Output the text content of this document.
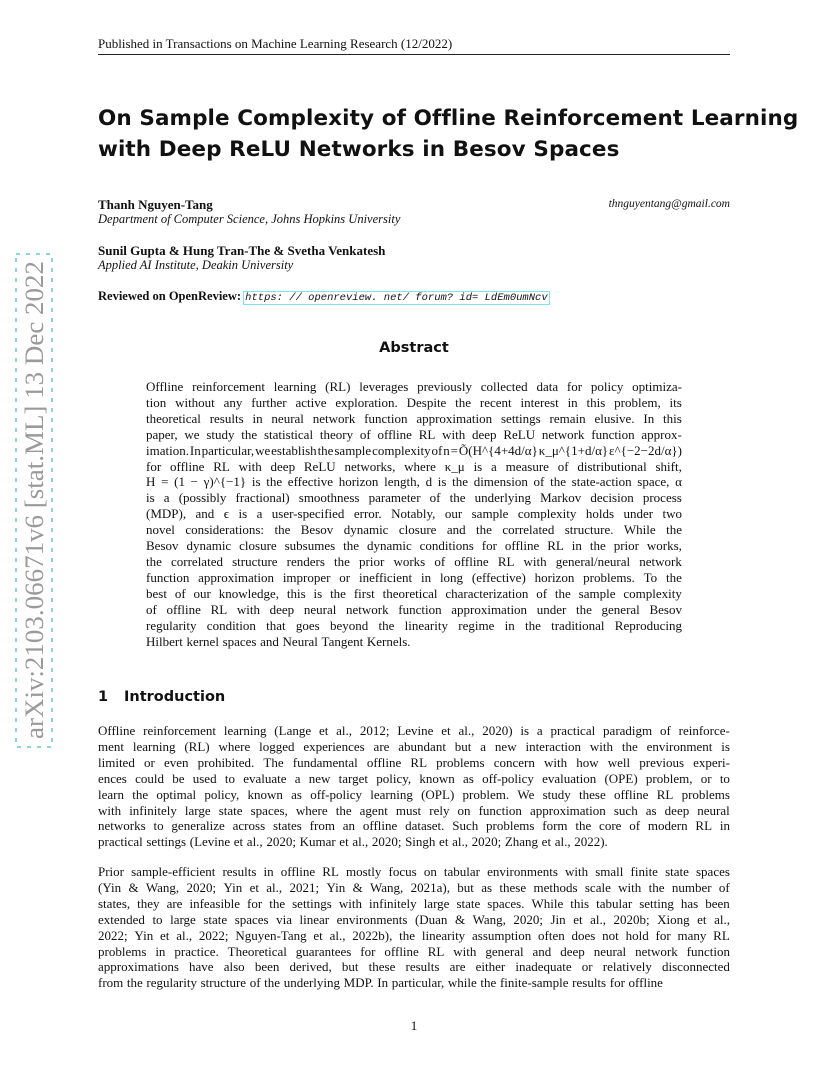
Published in Transactions on Machine Learning Research (12/2022)
arXiv:2103.06671v6 [stat.ML] 13 Dec 2022
On Sample Complexity of Offline Reinforcement Learning
with Deep ReLU Networks in Besov Spaces
Thanh Nguyen-Tang	thnguyentang@gmail.com
Department of Computer Science, Johns Hopkins University
Sunil Gupta & Hung Tran-The & Svetha Venkatesh
Applied AI Institute, Deakin University
Reviewed on OpenReview: https: // openreview. net/ forum? id= LdEm0umNcv
Abstract
Offline reinforcement learning (RL) leverages previously collected data for policy optimiza-
tion without any further active exploration. Despite the recent interest in this problem, its
theoretical results in neural network function approximation settings remain elusive. In this
paper, we study the statistical theory of offline RL with deep ReLU network function approx-
imation. In particular, we establish the sample complexity of n = Õ(H^{4+4d/α} κ_μ^{1+d/α} ε^{−2−2d/α})
for offline RL with deep ReLU networks, where κ_μ is a measure of distributional shift,
H = (1 − γ)^{−1} is the effective horizon length, d is the dimension of the state-action space, α
is a (possibly fractional) smoothness parameter of the underlying Markov decision process
(MDP), and ϵ is a user-specified error. Notably, our sample complexity holds under two
novel considerations: the Besov dynamic closure and the correlated structure. While the
Besov dynamic closure subsumes the dynamic conditions for offline RL in the prior works,
the correlated structure renders the prior works of offline RL with general/neural network
function approximation improper or inefficient in long (effective) horizon problems. To the
best of our knowledge, this is the first theoretical characterization of the sample complexity
of offline RL with deep neural network function approximation under the general Besov
regularity condition that goes beyond the linearity regime in the traditional Reproducing
Hilbert kernel spaces and Neural Tangent Kernels.
1 Introduction
Offline reinforcement learning (Lange et al., 2012; Levine et al., 2020) is a practical paradigm of reinforce-
ment learning (RL) where logged experiences are abundant but a new interaction with the environment is
limited or even prohibited. The fundamental offline RL problems concern with how well previous experi-
ences could be used to evaluate a new target policy, known as off-policy evaluation (OPE) problem, or to
learn the optimal policy, known as off-policy learning (OPL) problem. We study these offline RL problems
with infinitely large state spaces, where the agent must rely on function approximation such as deep neural
networks to generalize across states from an offline dataset. Such problems form the core of modern RL in
practical settings (Levine et al., 2020; Kumar et al., 2020; Singh et al., 2020; Zhang et al., 2022).
Prior sample-efficient results in offline RL mostly focus on tabular environments with small finite state spaces
(Yin & Wang, 2020; Yin et al., 2021; Yin & Wang, 2021a), but as these methods scale with the number of
states, they are infeasible for the settings with infinitely large state spaces. While this tabular setting has been
extended to large state spaces via linear environments (Duan & Wang, 2020; Jin et al., 2020b; Xiong et al.,
2022; Yin et al., 2022; Nguyen-Tang et al., 2022b), the linearity assumption often does not hold for many RL
problems in practice. Theoretical guarantees for offline RL with general and deep neural network function
approximations have also been derived, but these results are either inadequate or relatively disconnected
from the regularity structure of the underlying MDP. In particular, while the finite-sample results for offline
1
